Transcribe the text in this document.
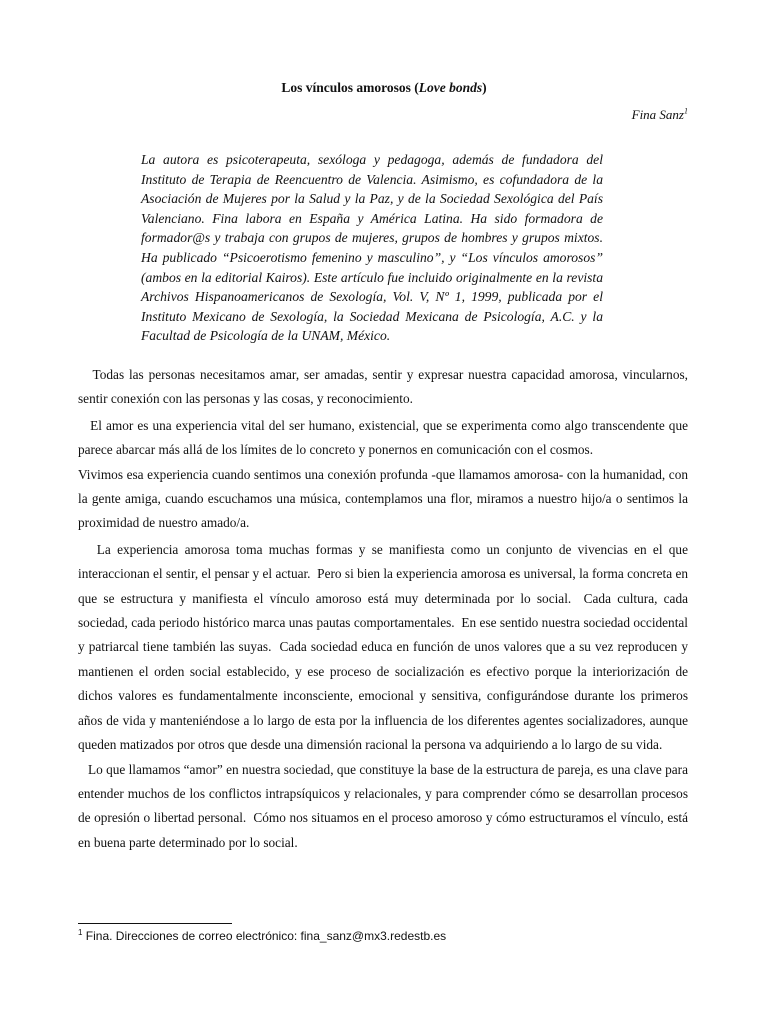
Los vínculos amorosos (Love bonds)
Fina Sanz$^1$

La autora es psicoterapeuta, sexóloga y pedagoga, además de fundadora del Instituto de Terapia de Reencuentro de Valencia. Asimismo, es cofundadora de la Asociación de Mujeres por la Salud y la Paz, y de la Sociedad Sexológica del País Valenciano. Fina labora en España y América Latina. Ha sido formadora de formador@s y trabaja con grupos de mujeres, grupos de hombres y grupos mixtos. Ha publicado “Psicoerotismo femenino y masculino”, y “Los vínculos amorosos” (ambos en la editorial Kairos). Este artículo fue incluido originalmente en la revista Archivos Hispanoamericanos de Sexología, Vol. V, Nº 1, 1999, publicada por el Instituto Mexicano de Sexología, la Sociedad Mexicana de Psicología, A.C. y la Facultad de Psicología de la UNAM, México.

Todas las personas necesitamos amar, ser amadas, sentir y expresar nuestra capacidad amorosa, vincularnos, sentir conexión con las personas y las cosas, y reconocimiento.

El amor es una experiencia vital del ser humano, existencial, que se experimenta como algo transcendente que parece abarcar más allá de los límites de lo concreto y ponernos en comunicación con el cosmos.

Vivimos esa experiencia cuando sentimos una conexión profunda -que llamamos amorosa- con la humanidad, con la gente amiga, cuando escuchamos una música, contemplamos una flor, miramos a nuestro hijo/a o sentimos la proximidad de nuestro amado/a.

La experiencia amorosa toma muchas formas y se manifiesta como un conjunto de vivencias en el que interaccionan el sentir, el pensar y el actuar.  Pero si bien la experiencia amorosa es universal, la forma concreta en que se estructura y manifiesta el vínculo amoroso está muy determinada por lo social.  Cada cultura, cada sociedad, cada periodo histórico marca unas pautas comportamentales.  En ese sentido nuestra sociedad occidental y patriarcal tiene también las suyas.  Cada sociedad educa en función de unos valores que a su vez reproducen y mantienen el orden social establecido, y ese proceso de socialización es efectivo porque la interiorización de dichos valores es fundamentalmente inconsciente, emocional y sensitiva, configurándose durante los primeros años de vida y manteniéndose a lo largo de esta por la influencia de los diferentes agentes socializadores, aunque queden matizados por otros que desde una dimensión racional la persona va adquiriendo a lo largo de su vida.

Lo que llamamos “amor” en nuestra sociedad, que constituye la base de la estructura de pareja, es una clave para entender muchos de los conflictos intrapsíquicos y relacionales, y para comprender cómo se desarrollan procesos de opresión o libertad personal.  Cómo nos situamos en el proceso amoroso y cómo estructuramos el vínculo, está en buena parte determinado por lo social.

$^1$ Fina. Direcciones de correo electrónico: fina_sanz@mx3.redestb.es
